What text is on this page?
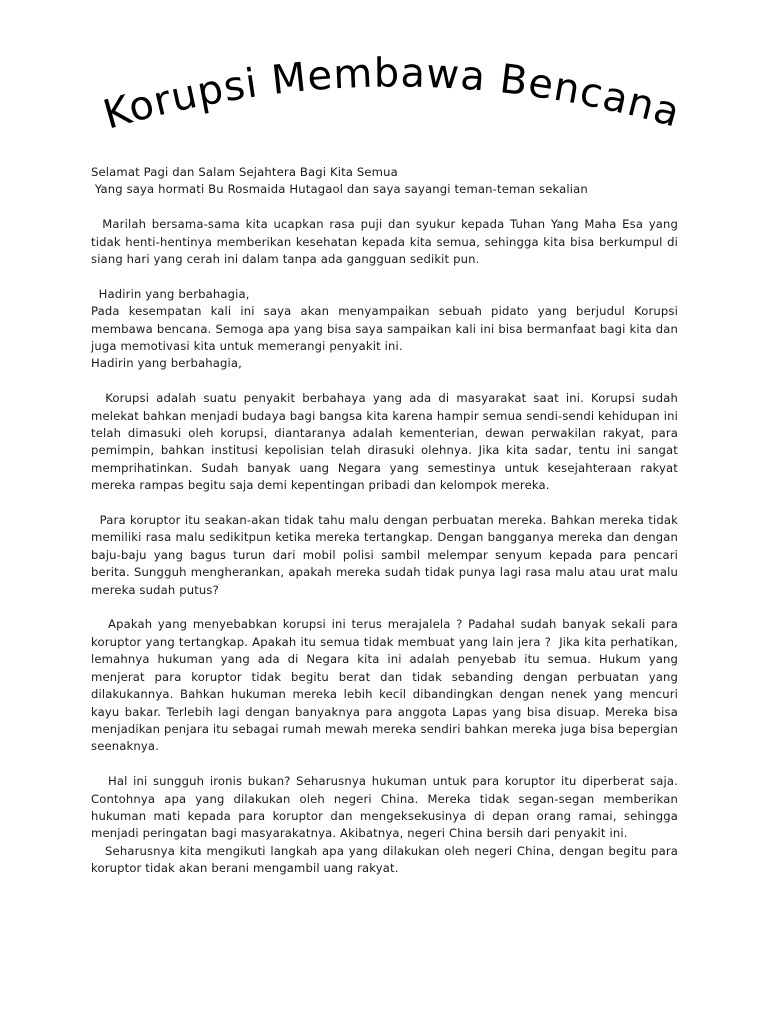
Korupsi Membawa Bencana

Selamat Pagi dan Salam Sejahtera Bagi Kita Semua

Yang saya hormati Bu Rosmaida Hutagaol dan saya sayangi teman-teman sekalian

Marilah bersama-sama kita ucapkan rasa puji dan syukur kepada Tuhan Yang Maha Esa yang tidak henti-hentinya memberikan kesehatan kepada kita semua, sehingga kita bisa berkumpul di siang hari yang cerah ini dalam tanpa ada gangguan sedikit pun.

Hadirin yang berbahagia,

Pada kesempatan kali ini saya akan menyampaikan sebuah pidato yang berjudul Korupsi membawa bencana. Semoga apa yang bisa saya sampaikan kali ini bisa bermanfaat bagi kita dan juga memotivasi kita untuk memerangi penyakit ini.

Hadirin yang berbahagia,

Korupsi adalah suatu penyakit berbahaya yang ada di masyarakat saat ini. Korupsi sudah melekat bahkan menjadi budaya bagi bangsa kita karena hampir semua sendi-sendi kehidupan ini telah dimasuki oleh korupsi, diantaranya adalah kementerian, dewan perwakilan rakyat, para pemimpin, bahkan institusi kepolisian telah dirasuki olehnya. Jika kita sadar, tentu ini sangat memprihatinkan. Sudah banyak uang Negara yang semestinya untuk kesejahteraan rakyat mereka rampas begitu saja demi kepentingan pribadi dan kelompok mereka.

Para koruptor itu seakan-akan tidak tahu malu dengan perbuatan mereka. Bahkan mereka tidak memiliki rasa malu sedikitpun ketika mereka tertangkap. Dengan bangganya mereka dan dengan baju-baju yang bagus turun dari mobil polisi sambil melempar senyum kepada para pencari berita. Sungguh mengherankan, apakah mereka sudah tidak punya lagi rasa malu atau urat malu mereka sudah putus?

Apakah yang menyebabkan korupsi ini terus merajalela ? Padahal sudah banyak sekali para koruptor yang tertangkap. Apakah itu semua tidak membuat yang lain jera ?  Jika kita perhatikan, lemahnya hukuman yang ada di Negara kita ini adalah penyebab itu semua. Hukum yang menjerat para koruptor tidak begitu berat dan tidak sebanding dengan perbuatan yang dilakukannya. Bahkan hukuman mereka lebih kecil dibandingkan dengan nenek yang mencuri kayu bakar. Terlebih lagi dengan banyaknya para anggota Lapas yang bisa disuap. Mereka bisa menjadikan penjara itu sebagai rumah mewah mereka sendiri bahkan mereka juga bisa bepergian seenaknya.

Hal ini sungguh ironis bukan? Seharusnya hukuman untuk para koruptor itu diperberat saja. Contohnya apa yang dilakukan oleh negeri China. Mereka tidak segan-segan memberikan hukuman mati kepada para koruptor dan mengeksekusinya di depan orang ramai, sehingga menjadi peringatan bagi masyarakatnya. Akibatnya, negeri China bersih dari penyakit ini.

Seharusnya kita mengikuti langkah apa yang dilakukan oleh negeri China, dengan begitu para koruptor tidak akan berani mengambil uang rakyat.
